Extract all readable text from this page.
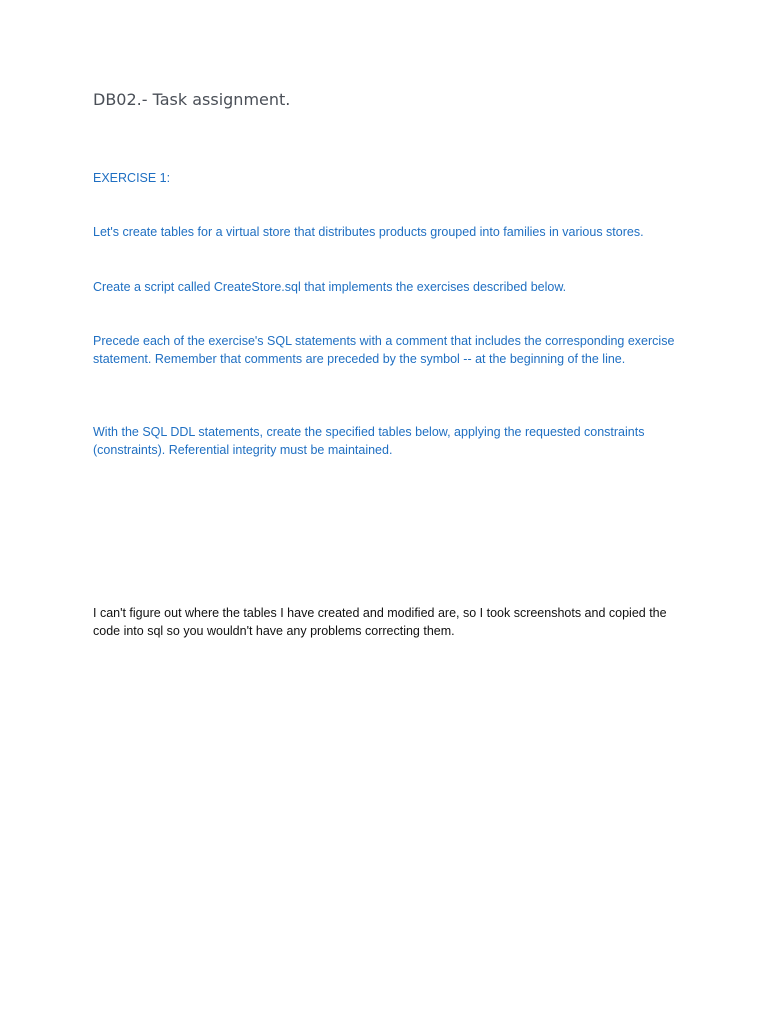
DB02.- Task assignment.
EXERCISE 1:
Let's create tables for a virtual store that distributes products grouped into families in various stores.
Create a script called CreateStore.sql that implements the exercises described below.
Precede each of the exercise's SQL statements with a comment that includes the corresponding exercise statement. Remember that comments are preceded by the symbol -- at the beginning of the line.
With the SQL DDL statements, create the specified tables below, applying the requested constraints (constraints). Referential integrity must be maintained.
I can't figure out where the tables I have created and modified are, so I took screenshots and copied the code into sql so you wouldn't have any problems correcting them.
